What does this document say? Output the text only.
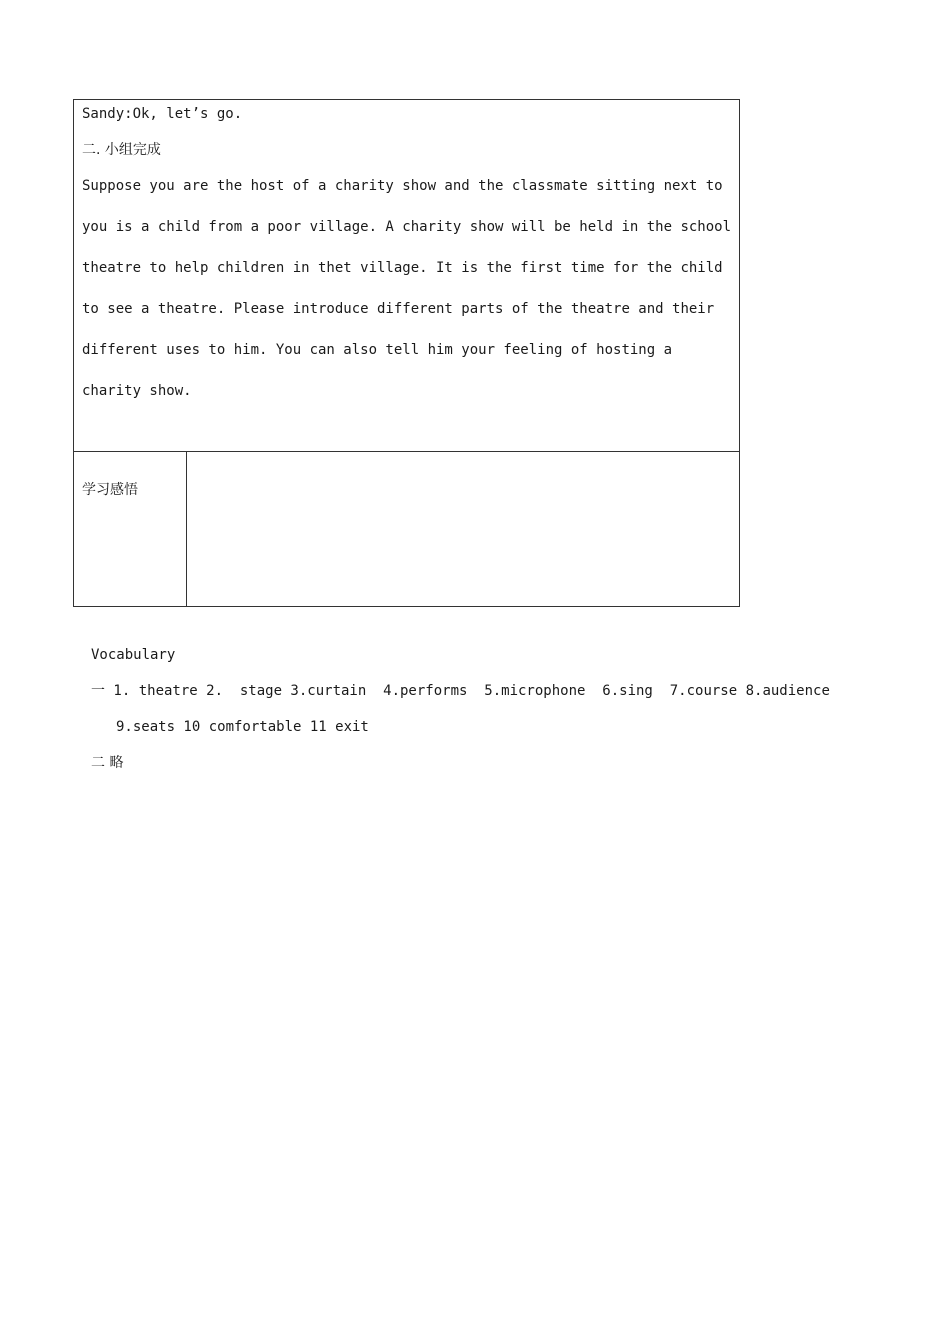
Sandy:Ok, let’s go.
二. 小组完成
Suppose you are the host of a charity show and the classmate sitting next to
you is a child from a poor village. A charity show will be held in the school
theatre to help children in thet village. It is the first time for the child
to see a theatre. Please introduce different parts of the theatre and their
different uses to him. You can also tell him your feeling of hosting a
charity show.
学习感悟
Vocabulary
一 1. theatre 2.  stage 3.curtain  4.performs  5.microphone  6.sing  7.course 8.audience
9.seats 10 comfortable 11 exit
二 略
